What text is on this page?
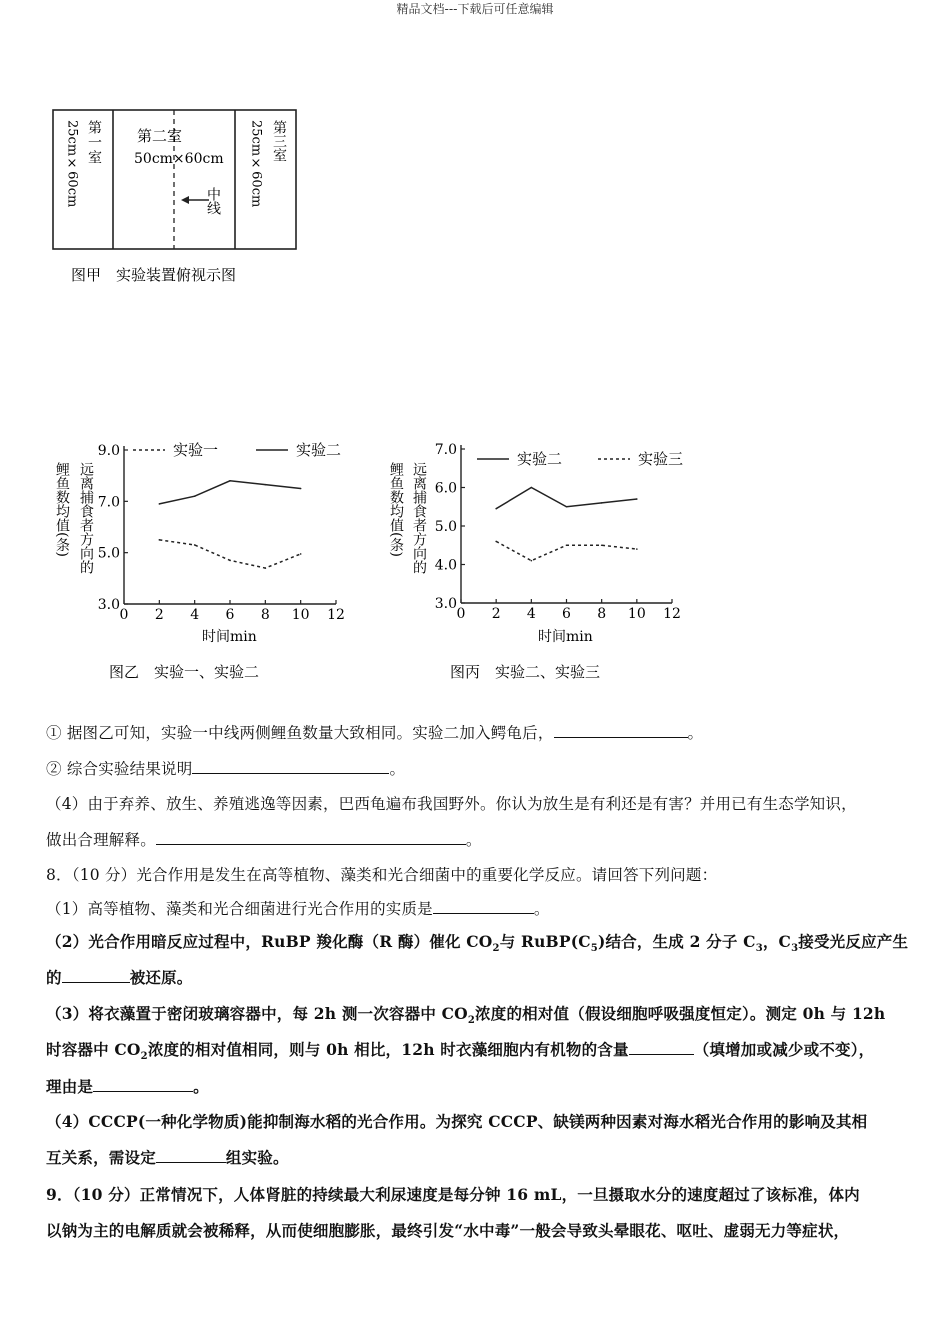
精品文档---下载后可任意编辑
第一室
25cm×60cm	第二室
50cm×60cm
中线
第三室
25cm×60cm
图甲　实验装置俯视示图
远离捕食者方向的
鲤鱼数均值(条)
3.0
5.0
7.0
9.0
0 2 4 6 8 10 12
实验一	实验二
时间min
图乙　实验一、实验二
远离捕食者方向的
鲤鱼数均值(条)
3.0
4.0
5.0
6.0
7.0
0 2 4 6 8 10 12
实验二	实验三
时间min
图丙　实验二、实验三
① 据图乙可知，实验一中线两侧鲤鱼数量大致相同。实验二加入鳄龟后，	。
② 综合实验结果说明	。
（4）由于弃养、放生、养殖逃逸等因素，巴西龟遍布我国野外。你认为放生是有利还是有害？并用已有生态学知识，
做出合理解释。	。
8．（10 分）光合作用是发生在高等植物、藻类和光合细菌中的重要化学反应。请回答下列问题：
（1）高等植物、藻类和光合细菌进行光合作用的实质是	。
（2）光合作用暗反应过程中，RuBP 羧化酶（R 酶）催化 $CO_2$与 $RuBP(C_5)$结合，生成 2 分子 $C_3$，$C_3$接受光反应产生
的	被还原。
（3）将衣藻置于密闭玻璃容器中，每 2h 测一次容器中 $CO_2$浓度的相对值（假设细胞呼吸强度恒定）。测定 0h 与 12h
时容器中 $CO_2$浓度的相对值相同，则与 0h 相比，12h 时衣藻细胞内有机物的含量	（填增加或减少或不变），
理由是	。
（4）CCCP(一种化学物质)能抑制海水稻的光合作用。为探究 CCCP、缺镁两种因素对海水稻光合作用的影响及其相
互关系，需设定	组实验。
9．（10 分）正常情况下，人体肾脏的持续最大利尿速度是每分钟 16 mL，一旦摄取水分的速度超过了该标准，体内
以钠为主的电解质就会被稀释，从而使细胞膨胀，最终引发“水中毒”一般会导致头晕眼花、呕吐、虚弱无力等症状，
